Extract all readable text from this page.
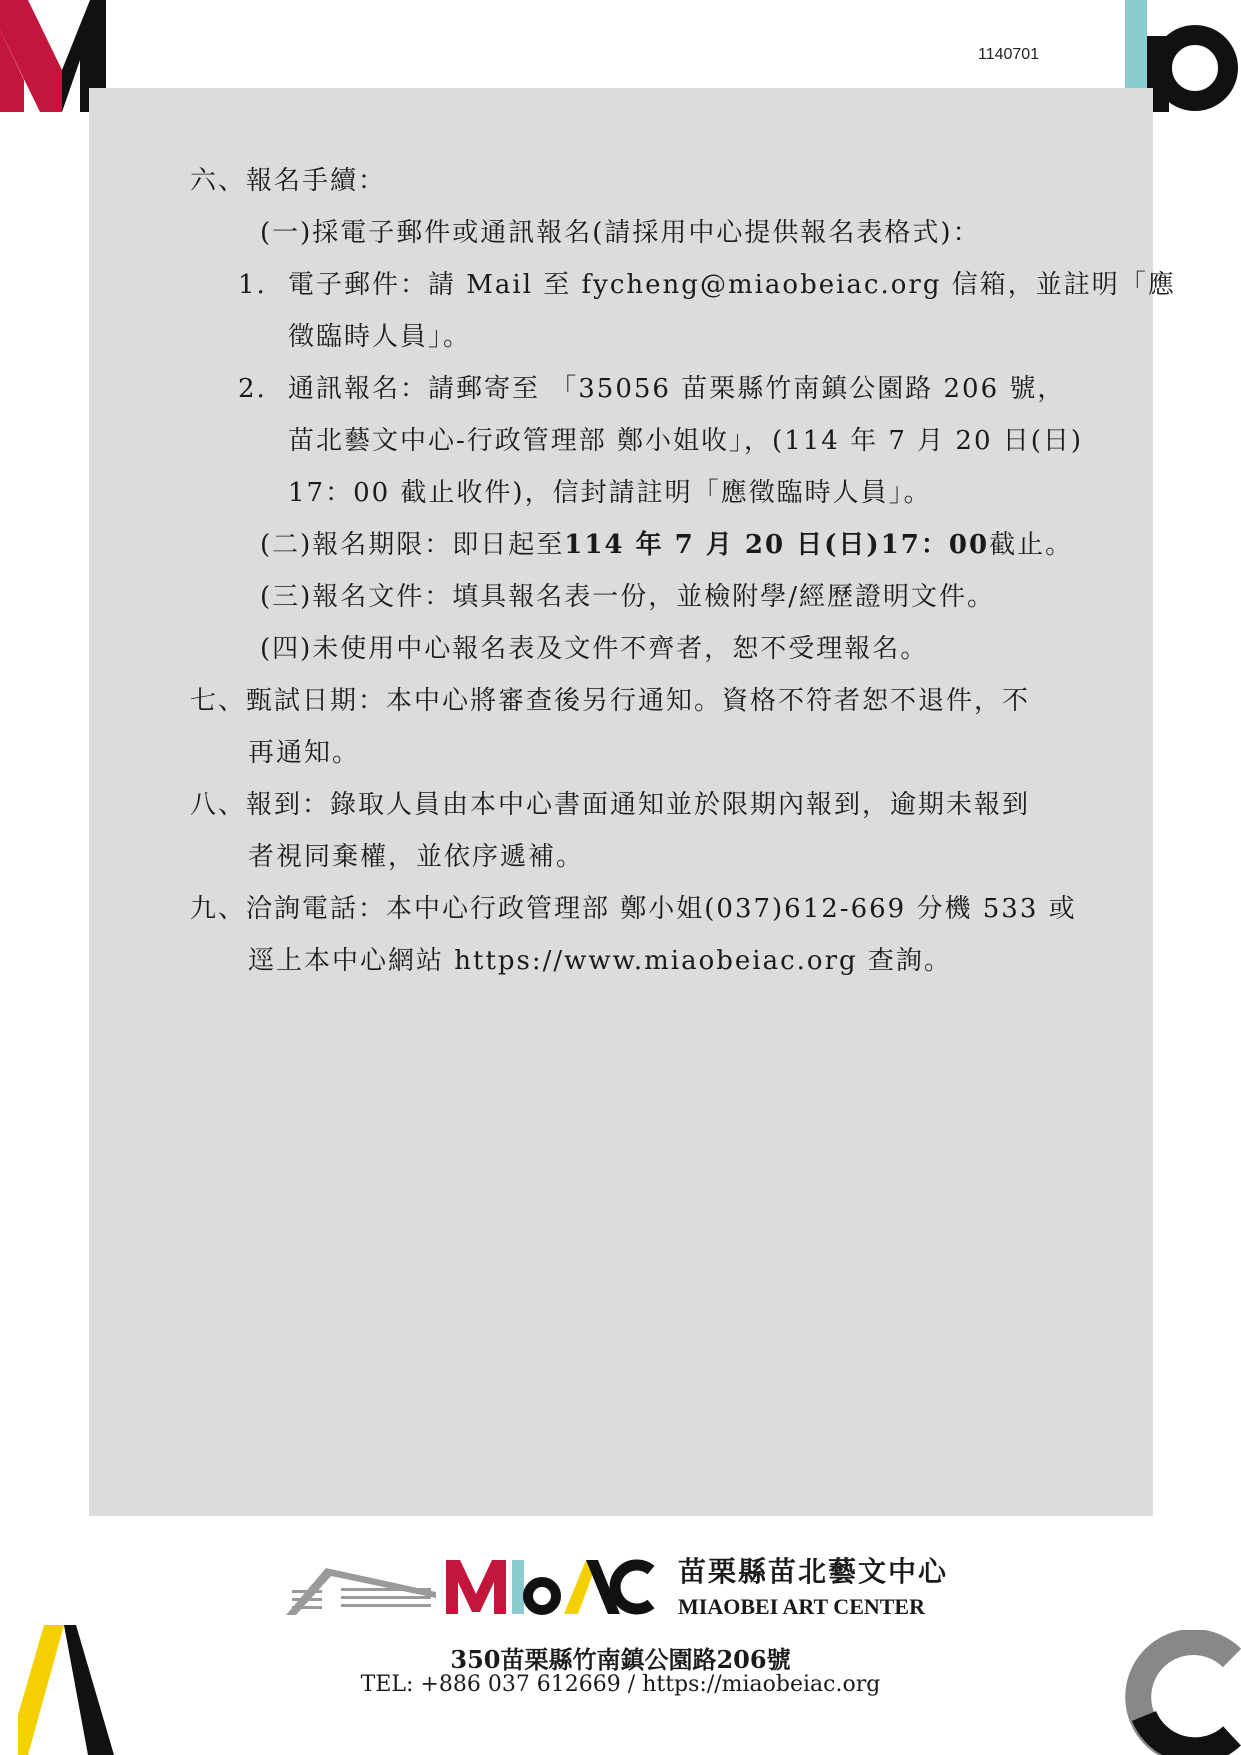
1140701
六、報名手續：
(一)採電子郵件或通訊報名(請採用中心提供報名表格式)：
1. 電子郵件：請 Mail 至 fycheng@miaobeiac.org 信箱，並註明「應
徵臨時人員」。
2. 通訊報名：請郵寄至 「35056 苗栗縣竹南鎮公園路 206 號，
苗北藝文中心-行政管理部 鄭小姐收」，(114 年 7 月 20 日(日)
17：00 截止收件)，信封請註明「應徵臨時人員」。
(二)報名期限：即日起至114 年 7 月 20 日(日)17：00截止。
(三)報名文件：填具報名表一份，並檢附學/經歷證明文件。
(四)未使用中心報名表及文件不齊者，恕不受理報名。
七、甄試日期：本中心將審查後另行通知。資格不符者恕不退件，不
再通知。
八、報到：錄取人員由本中心書面通知並於限期內報到，逾期未報到
者視同棄權，並依序遞補。
九、洽詢電話：本中心行政管理部 鄭小姐(037)612-669 分機 533 或
逕上本中心網站 https://www.miaobeiac.org 查詢。
苗栗縣苗北藝文中心
MIAOBEI ART CENTER
350苗栗縣竹南鎮公園路206號
TEL: +886 037 612669 / https://miaobeiac.org
